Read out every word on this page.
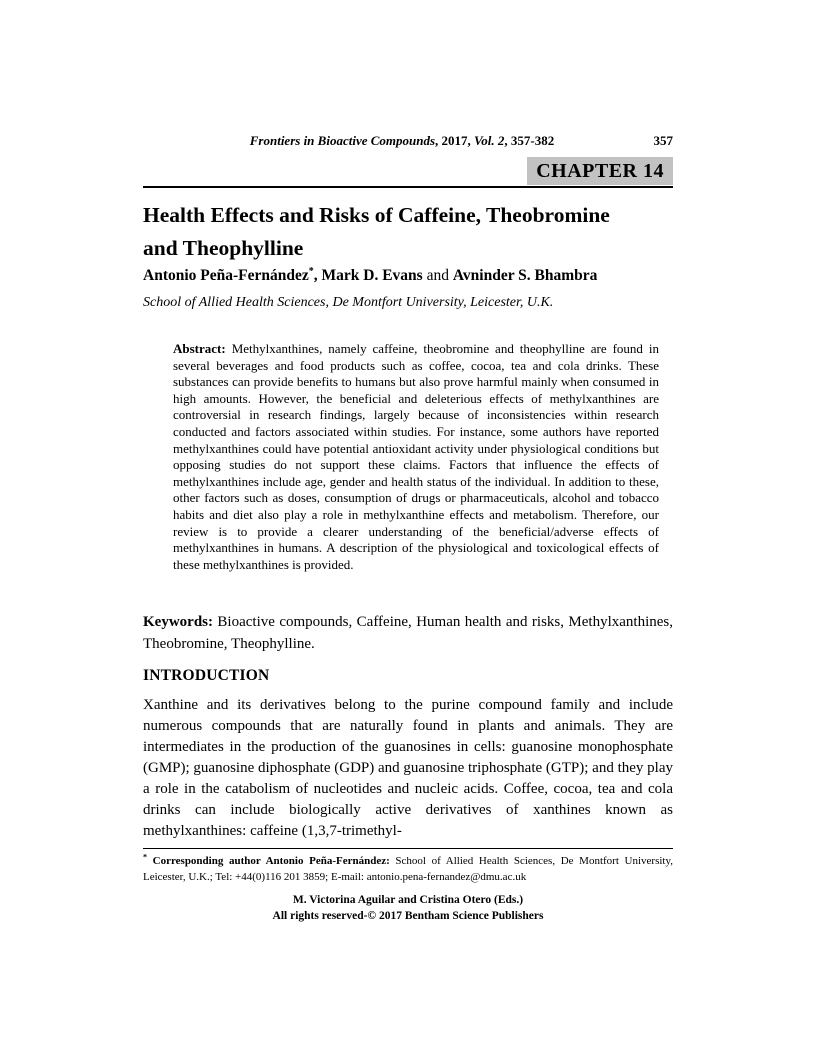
Frontiers in Bioactive Compounds, 2017, Vol. 2, 357-382	357
CHAPTER 14
Health Effects and Risks of Caffeine, Theobromine
and Theophylline
Antonio Peña-Fernández*, Mark D. Evans and Avninder S. Bhambra
School of Allied Health Sciences, De Montfort University, Leicester, U.K.

Abstract: Methylxanthines, namely caffeine, theobromine and theophylline are found in several beverages and food products such as coffee, cocoa, tea and cola drinks. These substances can provide benefits to humans but also prove harmful mainly when consumed in high amounts. However, the beneficial and deleterious effects of methylxanthines are controversial in research findings, largely because of inconsistencies within research conducted and factors associated within studies. For instance, some authors have reported methylxanthines could have potential antioxidant activity under physiological conditions but opposing studies do not support these claims. Factors that influence the effects of methylxanthines include age, gender and health status of the individual. In addition to these, other factors such as doses, consumption of drugs or pharmaceuticals, alcohol and tobacco habits and diet also play a role in methylxanthine effects and metabolism. Therefore, our review is to provide a clearer understanding of the beneficial/adverse effects of methylxanthines in humans. A description of the physiological and toxicological effects of these methylxanthines is provided.

Keywords: Bioactive compounds, Caffeine, Human health and risks, Methylxanthines, Theobromine, Theophylline.

INTRODUCTION

Xanthine and its derivatives belong to the purine compound family and include numerous compounds that are naturally found in plants and animals. They are intermediates in the production of the guanosines in cells: guanosine monophosphate (GMP); guanosine diphosphate (GDP) and guanosine triphosphate (GTP); and they play a role in the catabolism of nucleotides and nucleic acids. Coffee, cocoa, tea and cola drinks can include biologically active derivatives of xanthines known as methylxanthines: caffeine (1,3,7-trimethyl-

* Corresponding author Antonio Peña-Fernández: School of Allied Health Sciences, De Montfort University, Leicester, U.K.; Tel: +44(0)116 201 3859; E-mail: antonio.pena-fernandez@dmu.ac.uk
M. Victorina Aguilar and Cristina Otero (Eds.)
All rights reserved-© 2017 Bentham Science Publishers
